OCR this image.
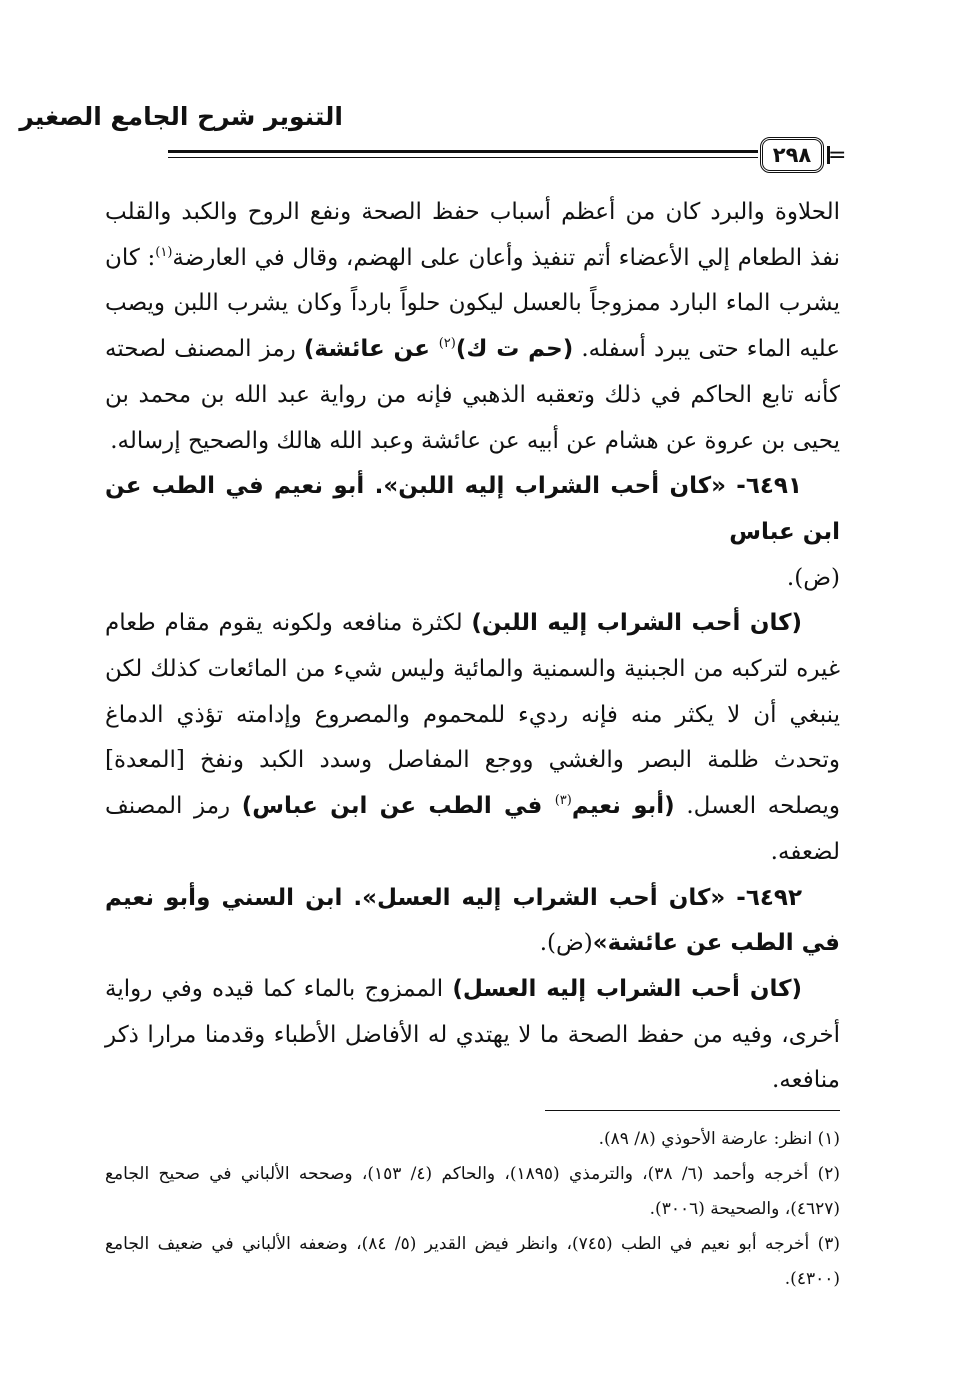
التنوير شرح الجامع الصغير
٢٩٨ =

الحلاوة والبرد كان من أعظم أسباب حفظ الصحة ونفع الروح والكبد والقلب نفذ الطعام إلي الأعضاء أتم تنفيذ وأعان على الهضم، وقال في العارضة$^{(١)}$: كان يشرب الماء البارد ممزوجاً بالعسل ليكون حلواً بارداً وكان يشرب اللبن ويصب عليه الماء حتى يبرد أسفله. (حم ت ك)$^{(٢)}$ عن عائشة) رمز المصنف لصحته كأنه تابع الحاكم في ذلك وتعقبه الذهبي فإنه من رواية عبد الله بن محمد بن يحيى بن عروة عن هشام عن أبيه عن عائشة وعبد الله هالك والصحيح إرساله.

٦٤٩١- «كان أحب الشراب إليه اللبن». أبو نعيم في الطب عن ابن عباس
(ض).

(كان أحب الشراب إليه اللبن) لكثرة منافعه ولكونه يقوم مقام طعام غيره لتركبه من الجبنية والسمنية والمائية وليس شيء من المائعات كذلك لكن ينبغي أن لا يكثر منه فإنه رديء للمحموم والمصروع وإدامته تؤذي الدماغ وتحدث ظلمة البصر والغشي ووجع المفاصل وسدد الكبد ونفخ [المعدة] ويصلحه العسل. (أبو نعيم$^{(٣)}$ في الطب عن ابن عباس) رمز المصنف لضعفه.

٦٤٩٢- «كان أحب الشراب إليه العسل». ابن السني وأبو نعيم في الطب عن عائشة»(ض).

(كان أحب الشراب إليه العسل) الممزوج بالماء كما قيده وفي رواية أخرى، وفيه من حفظ الصحة ما لا يهتدي له الأفاضل الأطباء وقدمنا مرارا ذكر منافعه.

(١) انظر: عارضة الأحوذي (٨/ ٨٩).

(٢) أخرجه وأحمد (٦/ ٣٨)، والترمذي (١٨٩٥)، والحاكم (٤/ ١٥٣)، وصححه الألباني في صحيح الجامع (٤٦٢٧)، والصحيحة (٣٠٠٦).

(٣) أخرجه أبو نعيم في الطب (٧٤٥)، وانظر فيض القدير (٥/ ٨٤)، وضعفه الألباني في ضعيف الجامع (٤٣٠٠).
